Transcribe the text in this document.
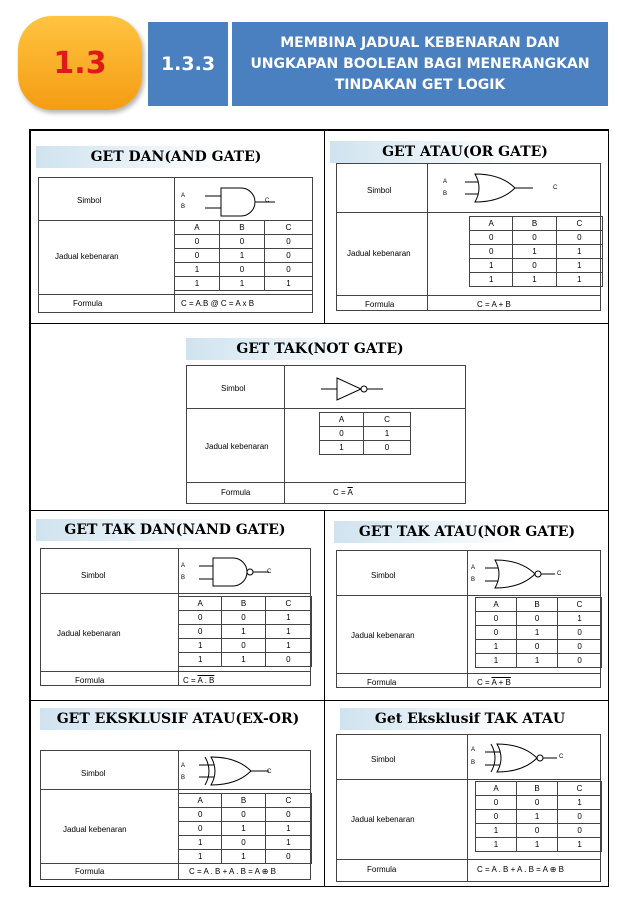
1.3	1.3.3
MEMBINA JADUAL KEBENARAN DAN UNGKAPAN BOOLEAN BAGI MENERANGKAN TINDAKAN GET LOGIK
GET DAN(AND GATE)
Simbol	A
B
C
Jadual kebenaran
A	B	C
0	0	0
0	1	0
1	0	0
1	1	1
Formula	C = A.B @ C = A x B
GET ATAU(OR GATE)
Simbol
A
B
C
Jadual kebenaran
A	B	C
0	0	0
0	1	1
1	0	1
1	1	1
Formula	C = A + B
GET TAK(NOT GATE)
Simbol
Jadual kebenaran
A	C
0	1
1	0
Formula	$C = \overline{A}$
GET TAK DAN(NAND GATE)
Simbol
A
B
C
Jadual kebenaran
A	B	C
0	0	1
0	1	1
1	0	1
1	1	0
Formula	C = A . B
GET TAK ATAU(NOR GATE)
Simbol
A
B
C
Jadual kebenaran
A	B	C
0	0	1
0	1	0
1	0	0
1	1	0
Formula	C = A + B
GET EKSKLUSIF ATAU(EX-OR)
Simbol
A
B
C
Jadual kebenaran
A	B	C
0	0	0
0	1	1
1	0	1
1	1	0
Formula	C = A . B + A . B = A ⊕ B
Get Eksklusif TAK ATAU
Simbol
A
B
C
Jadual kebenaran
A	B	C
0	0	1
0	1	0
1	0	0
1	1	1
Formula	C = A . B + A . B = A ⊕ B
